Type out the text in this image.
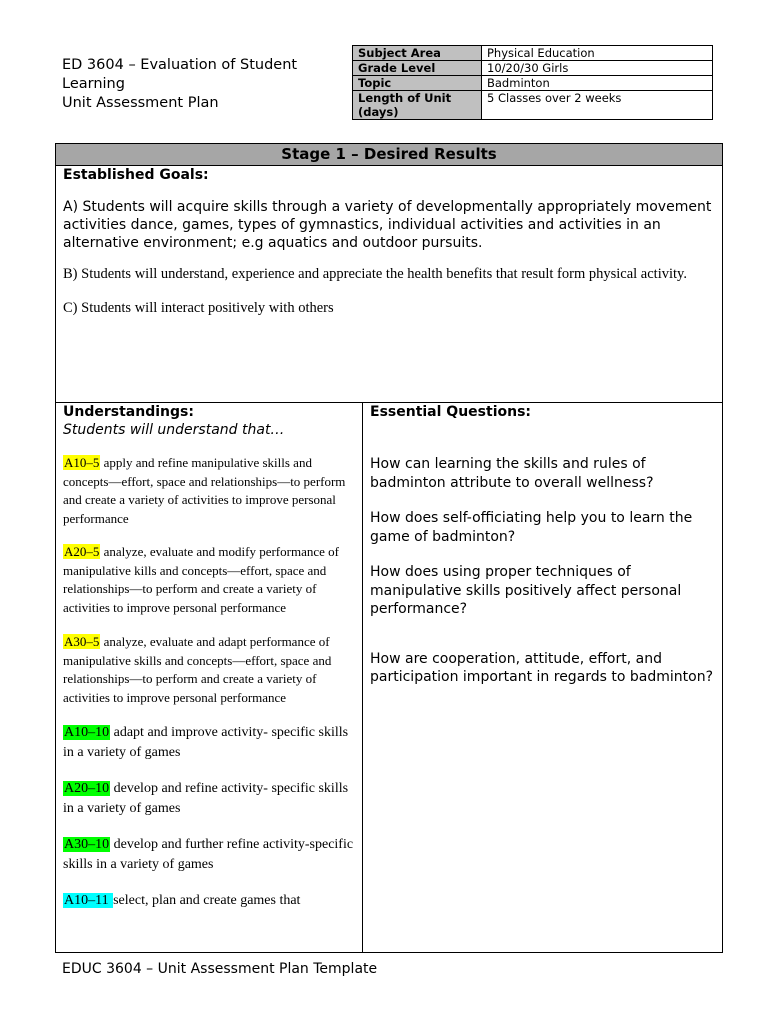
ED 3604 – Evaluation of Student
Learning
Unit Assessment Plan
Subject Area	Physical Education
Grade Level	10/20/30 Girls
Topic	Badminton
Length of Unit (days)	5 Classes over 2 weeks
Stage 1 – Desired Results
Established Goals:
A) Students will acquire skills through a variety of developmentally appropriately movement activities dance, games, types of gymnastics, individual activities and activities in an alternative environment; e.g aquatics and outdoor pursuits.
B) Students will understand, experience and appreciate the health benefits that result form physical activity.
C) Students will interact positively with others
Understandings:
Students will understand that…
A10–5 apply and refine manipulative skills and concepts—effort, space and relationships—to perform and create a variety of activities to improve personal performance
A20–5 analyze, evaluate and modify performance of manipulative kills and concepts—effort, space and relationships—to perform and create a variety of activities to improve personal performance
A30–5 analyze, evaluate and adapt performance of manipulative skills and concepts—effort, space and relationships—to perform and create a variety of activities to improve personal performance
A10–10 adapt and improve activity- specific skills in a variety of games
A20–10 develop and refine activity- specific skills in a variety of games
A30–10 develop and further refine activity-specific skills in a variety of games
A10–11 select, plan and create games that
Essential Questions:
How can learning the skills and rules of badminton attribute to overall wellness?
How does self-officiating help you to learn the game of badminton?
How does using proper techniques of manipulative skills positively affect personal performance?
How are cooperation, attitude, effort, and participation important in regards to badminton?
EDUC 3604 – Unit Assessment Plan Template
